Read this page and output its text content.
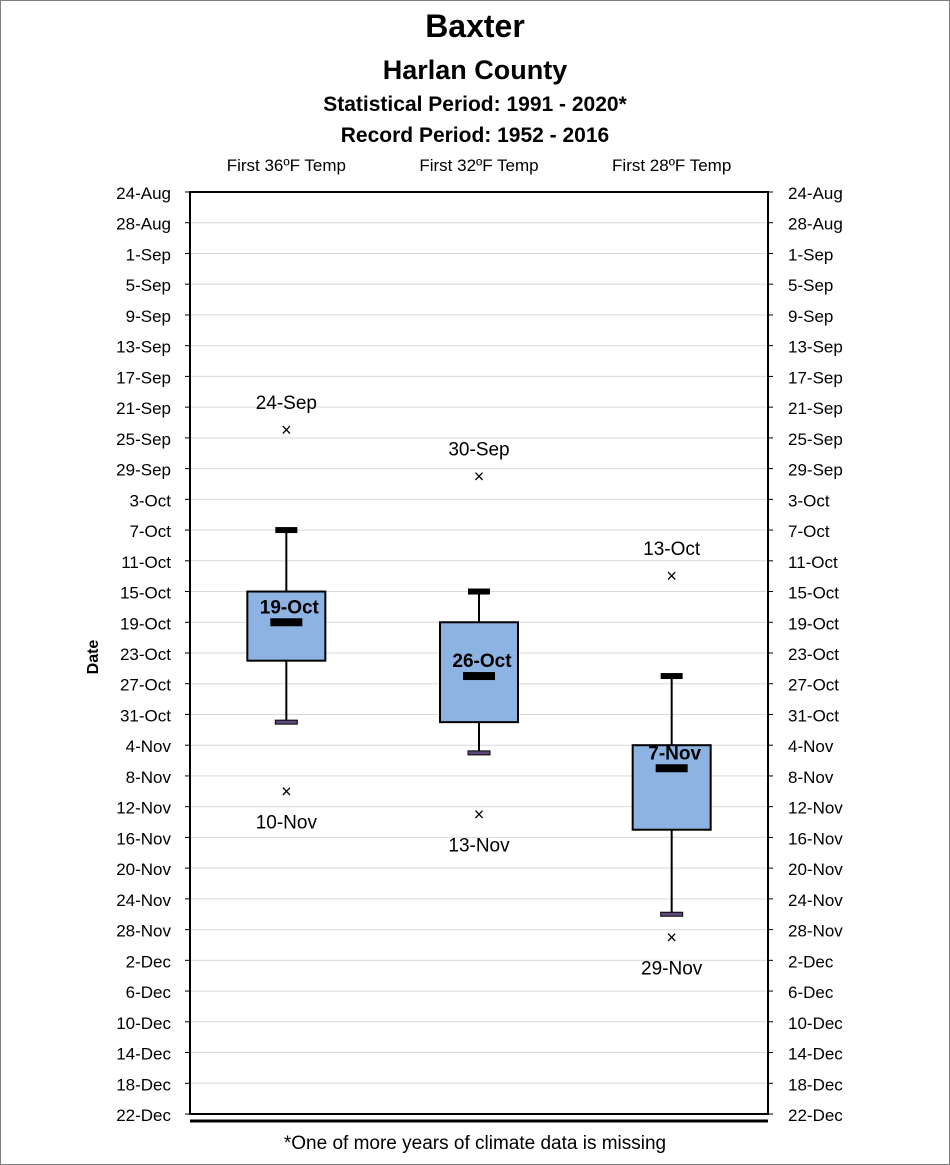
Baxter
Harlan County
Statistical Period: 1991 - 2020*
Record Period: 1952 - 2016
24-Aug	24-Aug
28-Aug	28-Aug
1-Sep	1-Sep
5-Sep	5-Sep
9-Sep	9-Sep
13-Sep	13-Sep
17-Sep	17-Sep
21-Sep	21-Sep
25-Sep	25-Sep
29-Sep	29-Sep
3-Oct	3-Oct
7-Oct	7-Oct
11-Oct	11-Oct
15-Oct	15-Oct
19-Oct	19-Oct
23-Oct	23-Oct
27-Oct	27-Oct
31-Oct	31-Oct
4-Nov	4-Nov
8-Nov	8-Nov
12-Nov	12-Nov
16-Nov	16-Nov
20-Nov	20-Nov
24-Nov	24-Nov
28-Nov	28-Nov
2-Dec	2-Dec
6-Dec	6-Dec
10-Dec	10-Dec
14-Dec	14-Dec
18-Dec	18-Dec
22-Dec	22-Dec
Date
First 36ºF Temp
19-Oct
×
24-Sep
×
10-Nov
First 32ºF Temp
26-Oct
×
30-Sep
×
13-Nov
First 28ºF Temp
7-Nov
×
13-Oct
×
29-Nov
*One of more years of climate data is missing
